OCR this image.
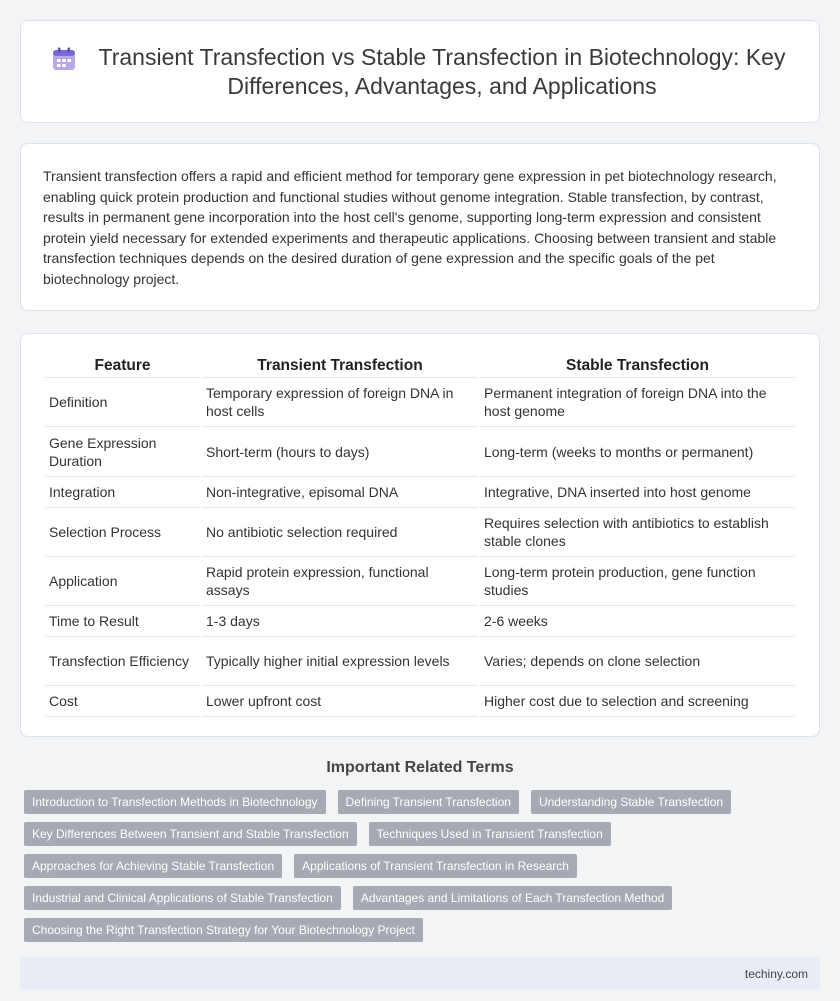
Transient Transfection vs Stable Transfection in Biotechnology: Key Differences, Advantages, and Applications

Transient transfection offers a rapid and efficient method for temporary gene expression in pet biotechnology research, enabling quick protein production and functional studies without genome integration. Stable transfection, by contrast, results in permanent gene incorporation into the host cell's genome, supporting long-term expression and consistent protein yield necessary for extended experiments and therapeutic applications. Choosing between transient and stable transfection techniques depends on the desired duration of gene expression and the specific goals of the pet biotechnology project.

Feature	Transient Transfection	Stable Transfection
Definition	Temporary expression of foreign DNA in host cells	Permanent integration of foreign DNA into the host genome
Gene Expression Duration	Short-term (hours to days)	Long-term (weeks to months or permanent)
Integration	Non-integrative, episomal DNA	Integrative, DNA inserted into host genome
Selection Process	No antibiotic selection required	Requires selection with antibiotics to establish stable clones
Application	Rapid protein expression, functional assays	Long-term protein production, gene function studies
Time to Result	1-3 days	2-6 weeks
Transfection Efficiency	Typically higher initial expression levels	Varies; depends on clone selection
Cost	Lower upfront cost	Higher cost due to selection and screening
Important Related Terms
Introduction to Transfection Methods in Biotechnology	Defining Transient Transfection	Understanding Stable Transfection
Key Differences Between Transient and Stable Transfection	Techniques Used in Transient Transfection
Approaches for Achieving Stable Transfection	Applications of Transient Transfection in Research
Industrial and Clinical Applications of Stable Transfection	Advantages and Limitations of Each Transfection Method
Choosing the Right Transfection Strategy for Your Biotechnology Project
techiny.com
